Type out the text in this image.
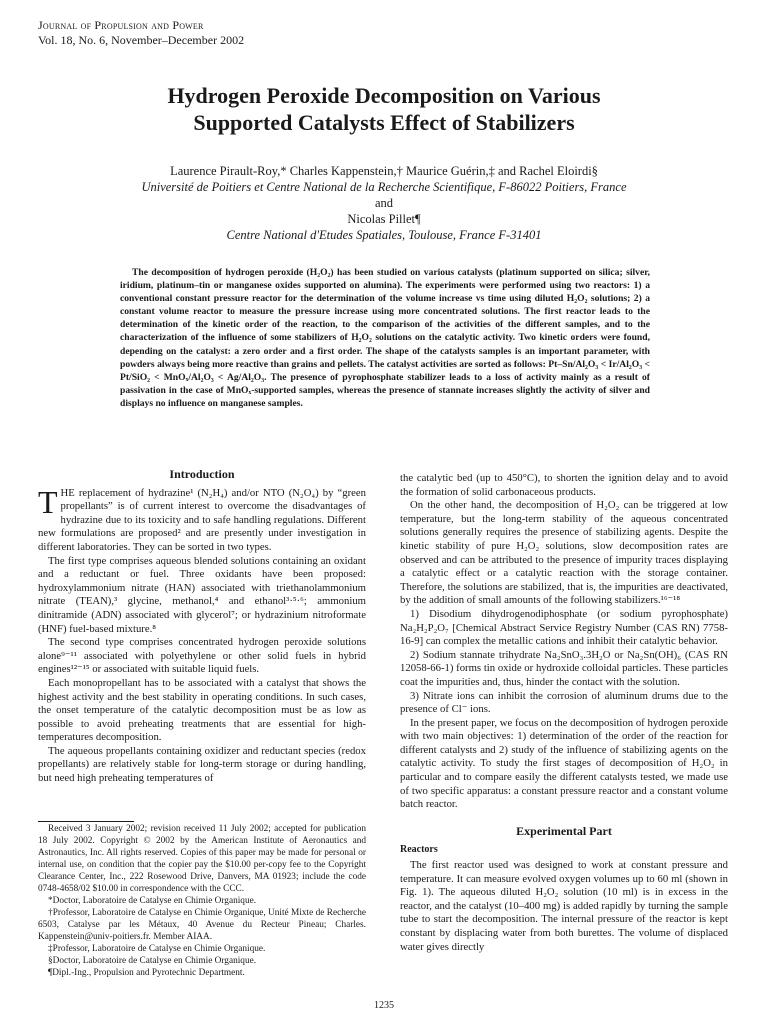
Journal of Propulsion and Power
Vol. 18, No. 6, November–December 2002
Hydrogen Peroxide Decomposition on Various
Supported Catalysts Effect of Stabilizers
Laurence Pirault-Roy,* Charles Kappenstein,† Maurice Guérin,‡ and Rachel Eloirdi§
Université de Poitiers et Centre National de la Recherche Scientifique, F-86022 Poitiers, France
and
Nicolas Pillet¶
Centre National d'Etudes Spatiales, Toulouse, France F-31401

The decomposition of hydrogen peroxide (H₂O₂) has been studied on various catalysts (platinum supported on silica; silver, iridium, platinum–tin or manganese oxides supported on alumina). The experiments were performed using two reactors: 1) a conventional constant pressure reactor for the determination of the volume increase vs time using diluted H₂O₂ solutions; 2) a constant volume reactor to measure the pressure increase using more concentrated solutions. The first reactor leads to the determination of the kinetic order of the reaction, to the comparison of the activities of the different samples, and to the characterization of the influence of some stabilizers of H₂O₂ solutions on the catalytic activity. Two kinetic orders were found, depending on the catalyst: a zero order and a first order. The shape of the catalysts samples is an important parameter, with powders always being more reactive than grains and pellets. The catalyst activities are sorted as follows: Pt–Sn/Al₂O₃ < Ir/Al₂O₃ < Pt/SiO₂ < MnOₓ/Al₂O₃ < Ag/Al₂O₃. The presence of pyrophosphate stabilizer leads to a loss of activity mainly as a result of passivation in the case of MnOₓ-supported samples, whereas the presence of stannate increases slightly the activity of silver and displays no influence on manganese samples.

Introduction

THE replacement of hydrazine¹ (N₂H₄) and/or NTO (N₂O₄) by “green propellants” is of current interest to overcome the disadvantages of hydrazine due to its toxicity and to safe handling regulations. Different new formulations are proposed² and are presently under investigation in different laboratories. They can be sorted in two types.

The first type comprises aqueous blended solutions containing an oxidant and a reductant or fuel. Three oxidants have been proposed: hydroxylammonium nitrate (HAN) associated with triethanolammonium nitrate (TEAN),³ glycine, methanol,⁴ and ethanol³·⁵·⁶; ammonium dinitramide (ADN) associated with glycerol⁷; or hydrazinium nitroformate (HNF) fuel-based mixture.⁸

The second type comprises concentrated hydrogen peroxide solutions alone⁹⁻¹¹ associated with polyethylene or other solid fuels in hybrid engines¹²⁻¹⁵ or associated with suitable liquid fuels.

Each monopropellant has to be associated with a catalyst that shows the highest activity and the best stability in operating conditions. In such cases, the onset temperature of the catalytic decomposition must be as low as possible to avoid preheating treatments that are essential for high-temperatures decomposition.

The aqueous propellants containing oxidizer and reductant species (redox propellants) are relatively stable for long-term storage or during handling, but need high preheating temperatures of

Received 3 January 2002; revision received 11 July 2002; accepted for publication 18 July 2002. Copyright © 2002 by the American Institute of Aeronautics and Astronautics, Inc. All rights reserved. Copies of this paper may be made for personal or internal use, on condition that the copier pay the $10.00 per-copy fee to the Copyright Clearance Center, Inc., 222 Rosewood Drive, Danvers, MA 01923; include the code 0748-4658/02 $10.00 in correspondence with the CCC.

*Doctor, Laboratoire de Catalyse en Chimie Organique.

†Professor, Laboratoire de Catalyse en Chimie Organique, Unité Mixte de Recherche 6503, Catalyse par les Métaux, 40 Avenue du Recteur Pineau; Charles. Kappenstein@univ-poitiers.fr. Member AIAA.

‡Professor, Laboratoire de Catalyse en Chimie Organique.

§Doctor, Laboratoire de Catalyse en Chimie Organique.

¶Dipl.-Ing., Propulsion and Pyrotechnic Department.

the catalytic bed (up to 450°C), to shorten the ignition delay and to avoid the formation of solid carbonaceous products.

On the other hand, the decomposition of H₂O₂ can be triggered at low temperature, but the long-term stability of the aqueous concentrated solutions generally requires the presence of stabilizing agents. Despite the kinetic stability of pure H₂O₂ solutions, slow decomposition rates are observed and can be attributed to the presence of impurity traces displaying a catalytic effect or a catalytic reaction with the storage container. Therefore, the solutions are stabilized, that is, the impurities are deactivated, by the addition of small amounts of the following stabilizers.¹⁶⁻¹⁸

1) Disodium dihydrogenodiphosphate (or sodium pyrophosphate) Na₂H₂P₂O₇ [Chemical Abstract Service Registry Number (CAS RN) 7758-16-9] can complex the metallic cations and inhibit their catalytic behavior.

2) Sodium stannate trihydrate Na₂SnO₃.3H₂O or Na₂Sn(OH)₆ (CAS RN 12058-66-1) forms tin oxide or hydroxide colloidal particles. These particles coat the impurities and, thus, hinder the contact with the solution.

3) Nitrate ions can inhibit the corrosion of aluminum drums due to the presence of Cl⁻ ions.

In the present paper, we focus on the decomposition of hydrogen peroxide with two main objectives: 1) determination of the order of the reaction for different catalysts and 2) study of the influence of stabilizing agents on the catalytic activity. To study the first stages of decomposition of H₂O₂ in particular and to compare easily the different catalysts tested, we made use of two specific apparatus: a constant pressure reactor and a constant volume batch reactor.

Experimental Part
Reactors

The first reactor used was designed to work at constant pressure and temperature. It can measure evolved oxygen volumes up to 60 ml (shown in Fig. 1). The aqueous diluted H₂O₂ solution (10 ml) is in excess in the reactor, and the catalyst (10–400 mg) is added rapidly by turning the sample tube to start the decomposition. The internal pressure of the reactor is kept constant by displacing water from both burettes. The volume of displaced water gives directly

1235
